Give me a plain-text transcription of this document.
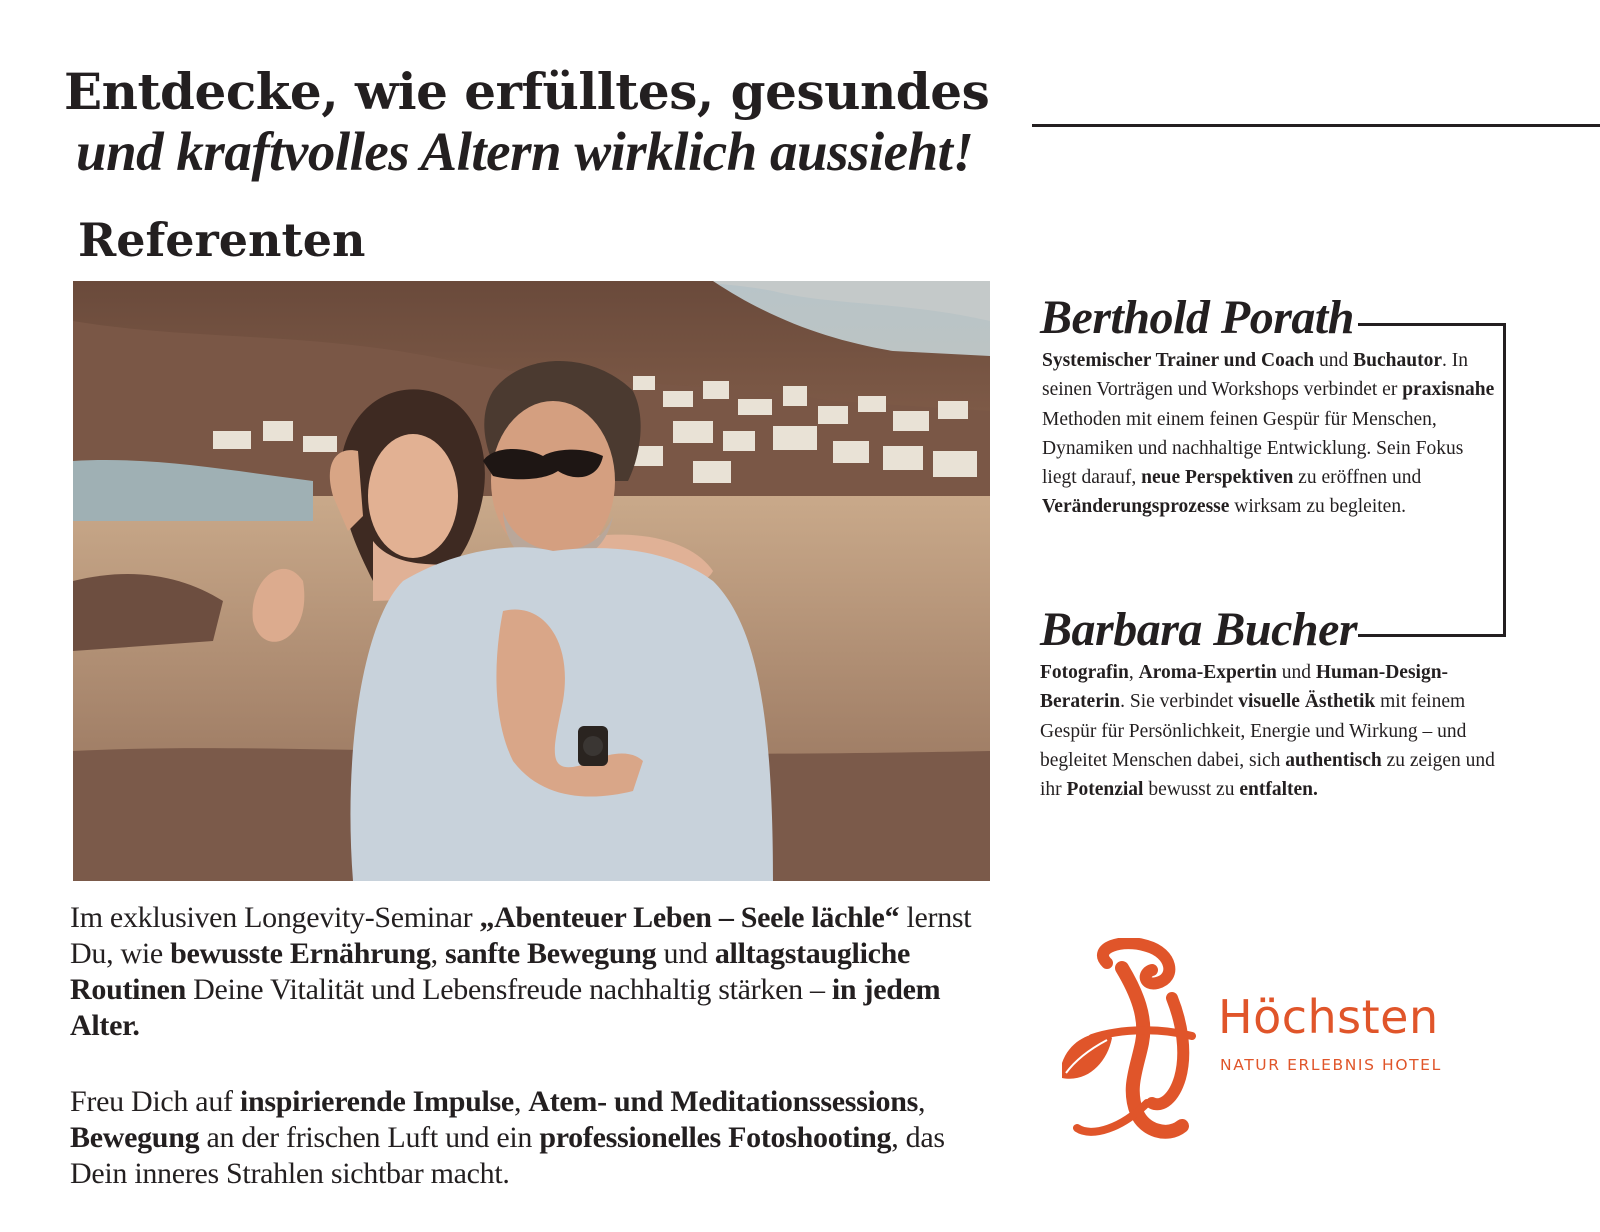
Entdecke, wie erfülltes, gesundes
und kraftvolles Altern wirklich aussieht!
Referenten

Im exklusiven Longevity-Seminar „Abenteuer Leben – Seele lächle“ lernst Du, wie bewusste Ernährung, sanfte Bewegung und alltagstaugliche Routinen Deine Vitalität und Lebensfreude nachhaltig stärken – in jedem Alter.

Freu Dich auf inspirierende Impulse, Atem- und Meditationssessions, Bewegung an der frischen Luft und ein professionelles Fotoshooting, das Dein inneres Strahlen sichtbar macht.

Berthold Porath

Systemischer Trainer und Coach und Buchautor. In seinen Vorträgen und Workshops verbindet er praxisnahe Methoden mit einem feinen Gespür für Menschen, Dynamiken und nachhaltige Entwicklung. Sein Fokus liegt darauf, neue Perspektiven zu eröffnen und Veränderungsprozesse wirksam zu begleiten.

Barbara Bucher

Fotografin, Aroma-Expertin und Human-Design-Beraterin. Sie verbindet visuelle Ästhetik mit feinem Gespür für Persönlichkeit, Energie und Wirkung – und begleitet Menschen dabei, sich authentisch zu zeigen und ihr Potenzial bewusst zu entfalten.

Höchsten
NATUR ERLEBNIS HOTEL
